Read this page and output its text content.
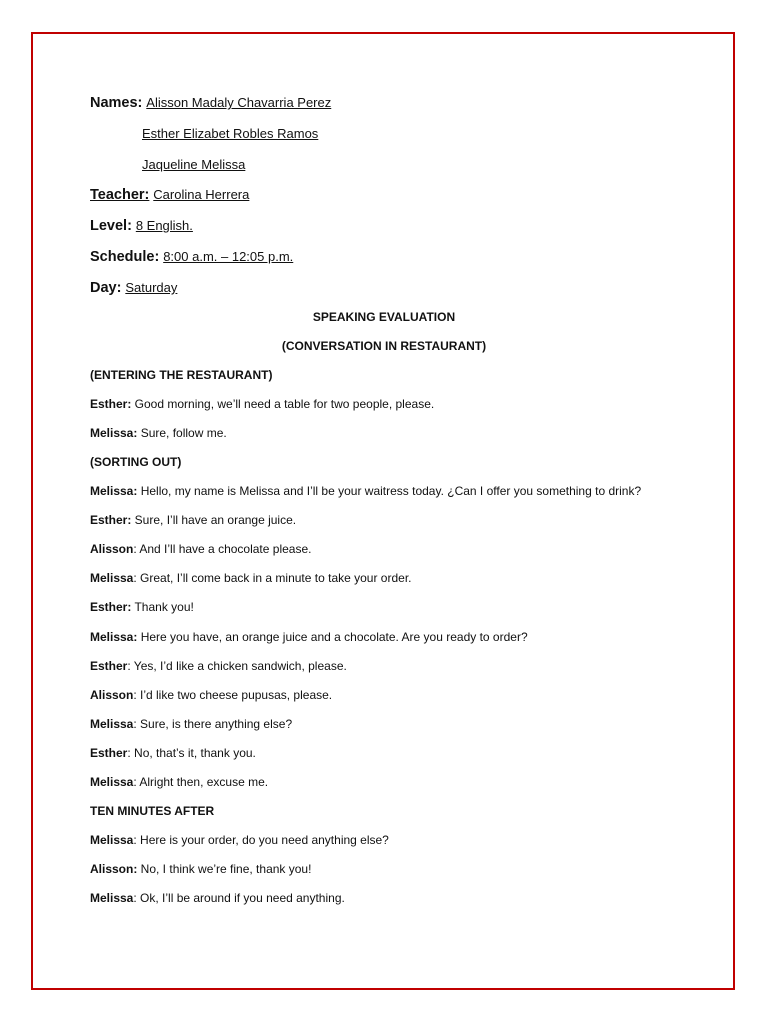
Names: Alisson Madaly Chavarria Perez
Esther Elizabet Robles Ramos
Jaqueline Melissa
Teacher: Carolina Herrera
Level: 8 English.
Schedule: 8:00 a.m. – 12:05 p.m.
Day: Saturday
SPEAKING EVALUATION
(CONVERSATION IN RESTAURANT)
(ENTERING THE RESTAURANT)
Esther: Good morning, we’ll need a table for two people, please.
Melissa: Sure, follow me.
(SORTING OUT)
Melissa: Hello, my name is Melissa and I’ll be your waitress today. ¿Can I offer you something to drink?
Esther: Sure, I’ll have an orange juice.
Alisson: And I’ll have a chocolate please.
Melissa: Great, I’ll come back in a minute to take your order.
Esther: Thank you!
Melissa: Here you have, an orange juice and a chocolate. Are you ready to order?
Esther: Yes, I’d like a chicken sandwich, please.
Alisson: I’d like two cheese pupusas, please.
Melissa: Sure, is there anything else?
Esther: No, that’s it, thank you.
Melissa: Alright then, excuse me.
TEN MINUTES AFTER
Melissa: Here is your order, do you need anything else?
Alisson: No, I think we’re fine, thank you!
Melissa: Ok, I’ll be around if you need anything.
